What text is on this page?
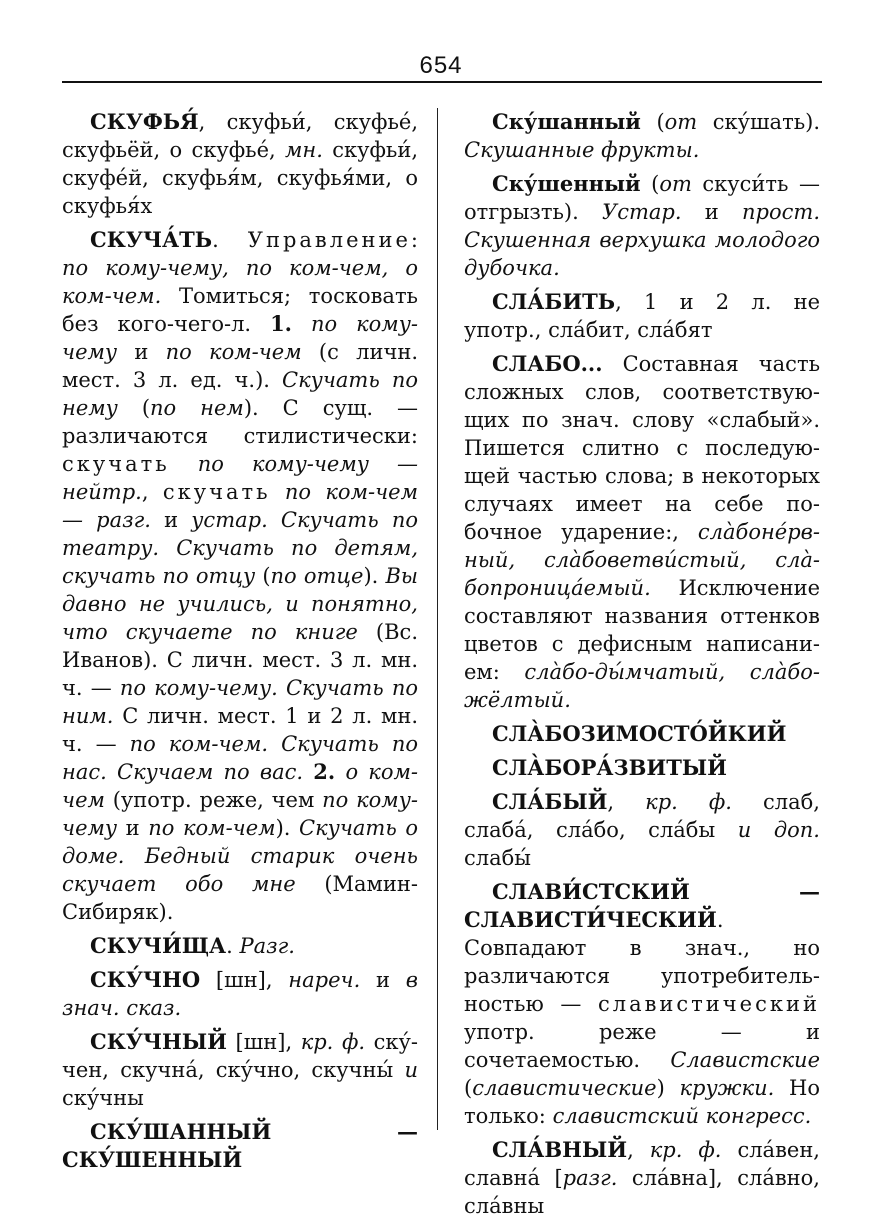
654

СКУФЬЯ́, скуфьи́, скуфье́, скуфьёй, о скуфье́, мн. скуфьи́, скуфе́й, скуфья́м, скуфья́ми, о скуфья́х

СКУЧА́ТЬ. Управление: по кому-чему, по ком-чем, о ком-чем. Томиться; тосковать без кого-чего-л. 1. по кому-чему и по ком-чем (с личн. мест. 3 л. ед. ч.). Скучать по нему (по нем). С сущ. — различаются стилистически: скучать по кому-чему — нейтр., скучать по ком-чем — разг. и устар. Скучать по театру. Скучать по детям, скучать по отцу (по отце). Вы давно не учились, и понятно, что скучаете по книге (Вс. Иванов). С личн. мест. 3 л. мн. ч. — по кому-чему. Скучать по ним. С личн. мест. 1 и 2 л. мн. ч. — по ком-чем. Скучать по нас. Скучаем по вас. 2. о ком-чем (употр. реже, чем по кому-чему и по ком-чем). Скучать о доме. Бедный старик очень скучает обо мне (Мамин-Сибиряк).

СКУЧИ́ЩА. Разг.

СКУ́ЧНО [шн], нареч. и в знач. сказ.

СКУ́ЧНЫЙ [шн], кр. ф. ску́чен, скучна́, ску́чно, скучны́ и ску́чны

СКУ́ШАННЫЙ — СКУ́ШЕННЫЙ

Ску́шанный (от ску́шать). Скушанные фрукты.

Ску́шенный (от скуси́ть — отгрызть). Устар. и прост. Скушенная верхушка молодого дубочка.

СЛА́БИТЬ, 1 и 2 л. не употр., сла́бит, сла́бят

СЛАБО... Составная часть сложных слов, соответствующих по знач. слову «слабый». Пишется слитно с последующей частью слова; в некоторых случаях имеет на себе побочное ударение:, сла̀бонéрвный, сла̀боветви́стый, сла̀бопроницáемый. Исключение составляют названия оттенков цветов с дефисным написанием: сла̀бо-ды́мчатый, сла̀божёлтый.

СЛА̀БОЗИМОСТО́ЙКИЙ

СЛА̀БОРА́ЗВИТЫЙ

СЛА́БЫЙ, кр. ф. слаб, слаба́, сла́бо, сла́бы и доп. слабы́

СЛАВИ́СТСКИЙ — СЛАВИСТИ́ЧЕСКИЙ. Совпадают в знач., но различаются употребительностью — славистический употр. реже — и сочетаемостью. Славистские (славистические) кружки. Но только: славистский конгресс.

СЛА́ВНЫЙ, кр. ф. сла́вен, славна́ [разг. сла́вна], сла́вно, сла́вны
